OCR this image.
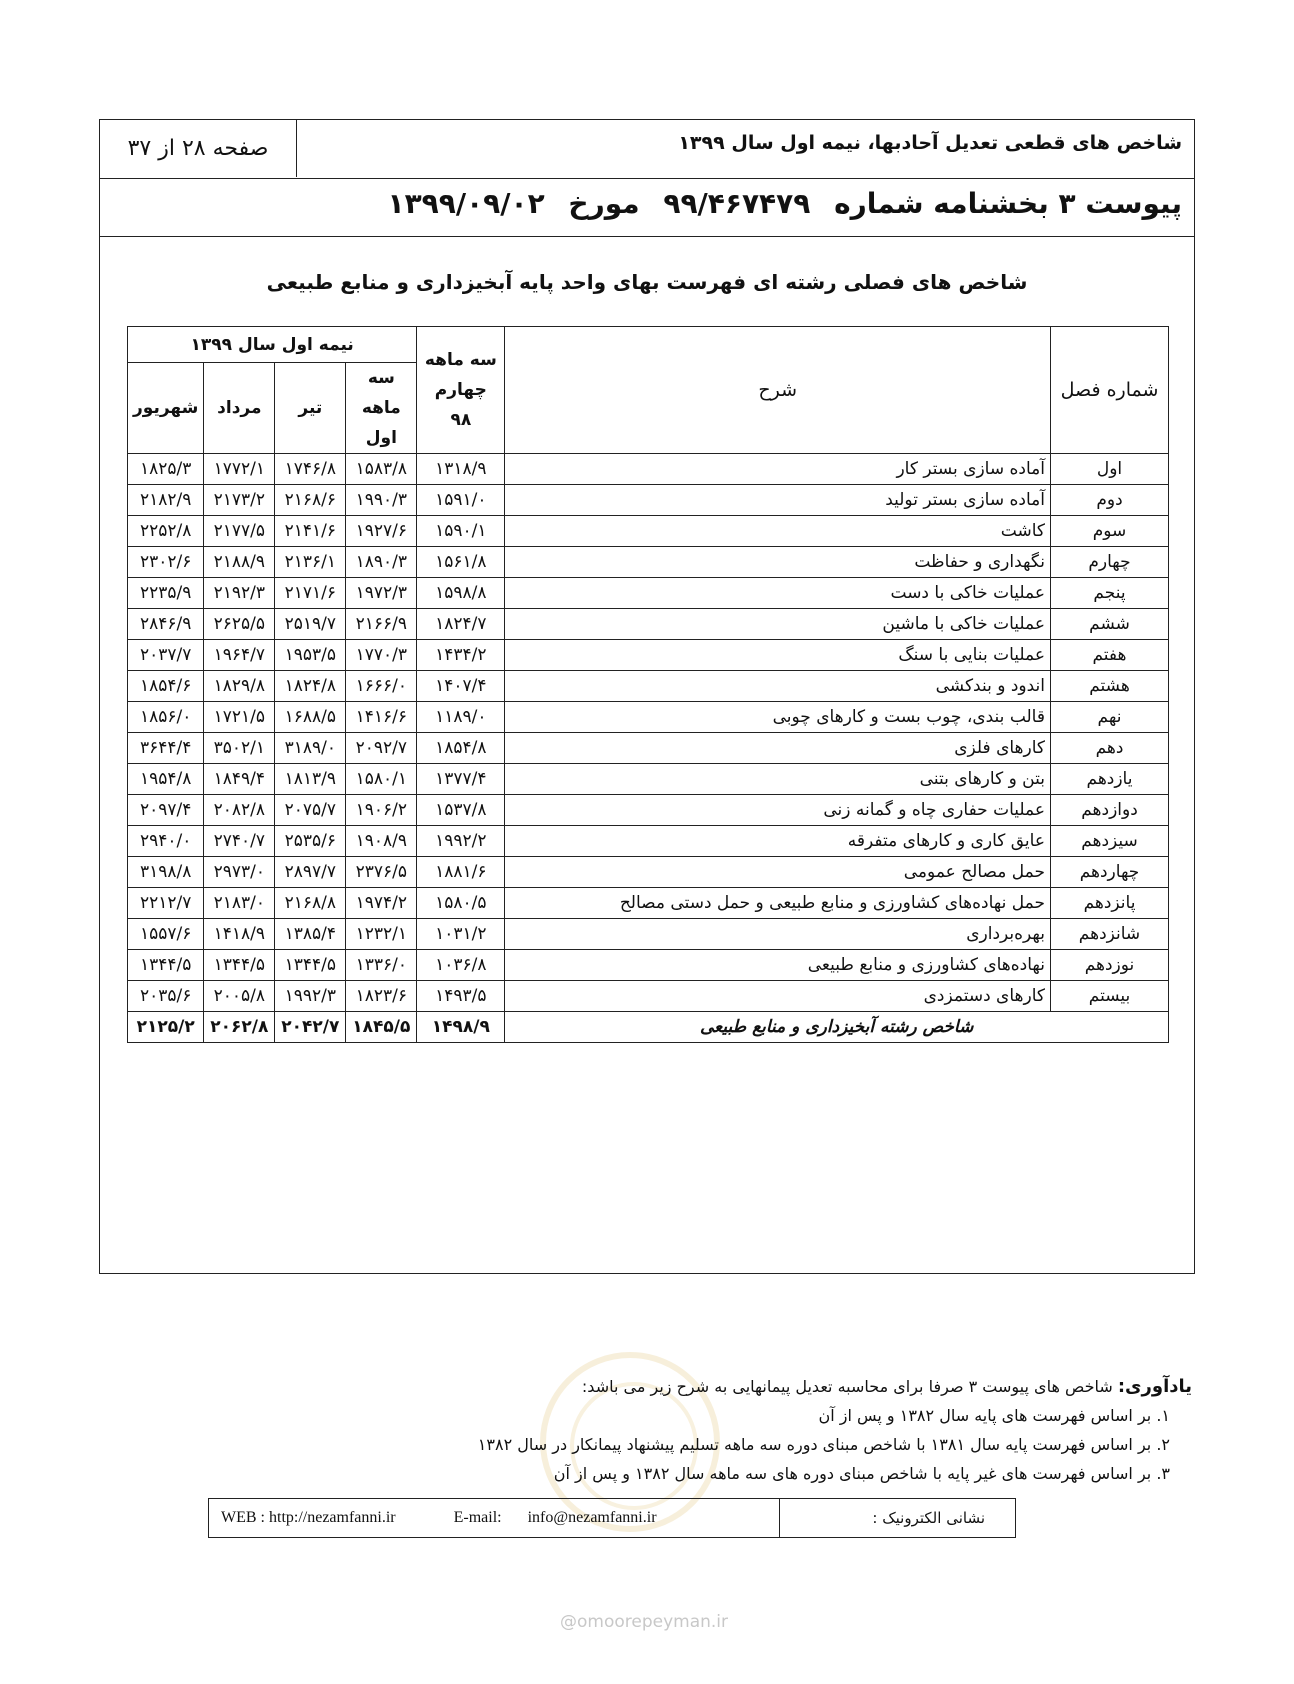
شاخص های قطعی تعدیل آحادبها، نیمه اول سال ۱۳۹۹
صفحه ۲۸ از ۳۷
پیوست ۳ بخشنامه شماره ۹۹/۴۶۷۴۷۹ مورخ ۱۳۹۹/۰۹/۰۲
شاخص های فصلی رشته ای فهرست بهای واحد پایه آبخیزداری و منابع طبیعی
شماره فصل	شرح	سه ماهه چهارم ۹۸	نیمه اول سال ۱۳۹۹			
			سه ماهه اول	تیر	مرداد	شهریور
اول	آماده سازی بستر کار	۱۳۱۸/۹	۱۵۸۳/۸	۱۷۴۶/۸	۱۷۷۲/۱	۱۸۲۵/۳
دوم	آماده سازی بستر تولید	۱۵۹۱/۰	۱۹۹۰/۳	۲۱۶۸/۶	۲۱۷۳/۲	۲۱۸۲/۹
سوم	کاشت	۱۵۹۰/۱	۱۹۲۷/۶	۲۱۴۱/۶	۲۱۷۷/۵	۲۲۵۲/۸
چهارم	نگهداری و حفاظت	۱۵۶۱/۸	۱۸۹۰/۳	۲۱۳۶/۱	۲۱۸۸/۹	۲۳۰۲/۶
پنجم	عملیات خاکی با دست	۱۵۹۸/۸	۱۹۷۲/۳	۲۱۷۱/۶	۲۱۹۲/۳	۲۲۳۵/۹
ششم	عملیات خاکی با ماشین	۱۸۲۴/۷	۲۱۶۶/۹	۲۵۱۹/۷	۲۶۲۵/۵	۲۸۴۶/۹
هفتم	عملیات بنایی با سنگ	۱۴۳۴/۲	۱۷۷۰/۳	۱۹۵۳/۵	۱۹۶۴/۷	۲۰۳۷/۷
هشتم	اندود و بندکشی	۱۴۰۷/۴	۱۶۶۶/۰	۱۸۲۴/۸	۱۸۲۹/۸	۱۸۵۴/۶
نهم	قالب بندی، چوب بست و کارهای چوبی	۱۱۸۹/۰	۱۴۱۶/۶	۱۶۸۸/۵	۱۷۲۱/۵	۱۸۵۶/۰
دهم	کارهای فلزی	۱۸۵۴/۸	۲۰۹۲/۷	۳۱۸۹/۰	۳۵۰۲/۱	۳۶۴۴/۴
یازدهم	بتن و کارهای بتنی	۱۳۷۷/۴	۱۵۸۰/۱	۱۸۱۳/۹	۱۸۴۹/۴	۱۹۵۴/۸
دوازدهم	عملیات حفاری چاه و گمانه زنی	۱۵۳۷/۸	۱۹۰۶/۲	۲۰۷۵/۷	۲۰۸۲/۸	۲۰۹۷/۴
سیزدهم	عایق کاری و کارهای متفرقه	۱۹۹۲/۲	۱۹۰۸/۹	۲۵۳۵/۶	۲۷۴۰/۷	۲۹۴۰/۰
چهاردهم	حمل مصالح عمومی	۱۸۸۱/۶	۲۳۷۶/۵	۲۸۹۷/۷	۲۹۷۳/۰	۳۱۹۸/۸
پانزدهم	حمل نهاده‌های کشاورزی و منابع طبیعی و حمل دستی مصالح	۱۵۸۰/۵	۱۹۷۴/۲	۲۱۶۸/۸	۲۱۸۳/۰	۲۲۱۲/۷
شانزدهم	بهره‌برداری	۱۰۳۱/۲	۱۲۳۲/۱	۱۳۸۵/۴	۱۴۱۸/۹	۱۵۵۷/۶
نوزدهم	نهاده‌های کشاورزی و منابع طبیعی	۱۰۳۶/۸	۱۳۳۶/۰	۱۳۴۴/۵	۱۳۴۴/۵	۱۳۴۴/۵
بیستم	کارهای دستمزدی	۱۴۹۳/۵	۱۸۲۳/۶	۱۹۹۲/۳	۲۰۰۵/۸	۲۰۳۵/۶
شاخص رشته آبخیزداری و منابع طبیعی		۱۴۹۸/۹	۱۸۴۵/۵	۲۰۴۲/۷	۲۰۶۲/۸	۲۱۲۵/۲
یادآوری: شاخص های پیوست ۳ صرفا برای محاسبه تعدیل پیمانهایی به شرح زیر می باشد:
۱. بر اساس فهرست های پایه سال ۱۳۸۲ و پس از آن
۲. بر اساس فهرست پایه سال ۱۳۸۱ با شاخص مبنای دوره سه ماهه تسلیم پیشنهاد پیمانکار در سال ۱۳۸۲
۳. بر اساس فهرست های غیر پایه با شاخص مبنای دوره های سه ماهه سال ۱۳۸۲ و پس از آن
نشانی الکترونیک :
WEB : http://nezamfanni.ir	E-mail: info@nezamfanni.ir
@omoorepeyman.ir
